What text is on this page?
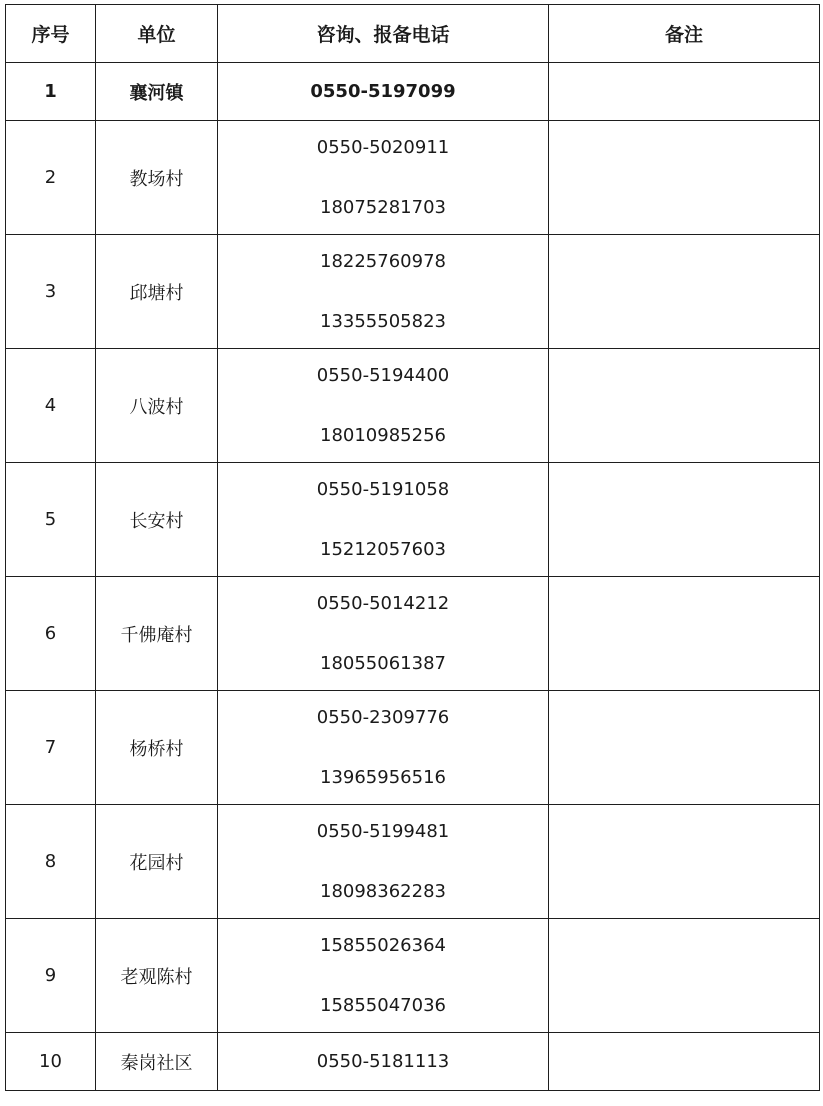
序号	单位	咨询、报备电话	备注
1	襄河镇	0550-5197099	
2	教场村	0550-5020911
18075281703	

3	邱塘村	18225760978
13355505823	

4	八波村	0550-5194400
18010985256	

5	长安村	0550-5191058
15212057603	

6	千佛庵村	0550-5014212
18055061387	

7	杨桥村	0550-2309776
13965956516	

8	花园村	0550-5199481
18098362283	

9	老观陈村	15855026364
15855047036	

10	秦岗社区	0550-5181113	
